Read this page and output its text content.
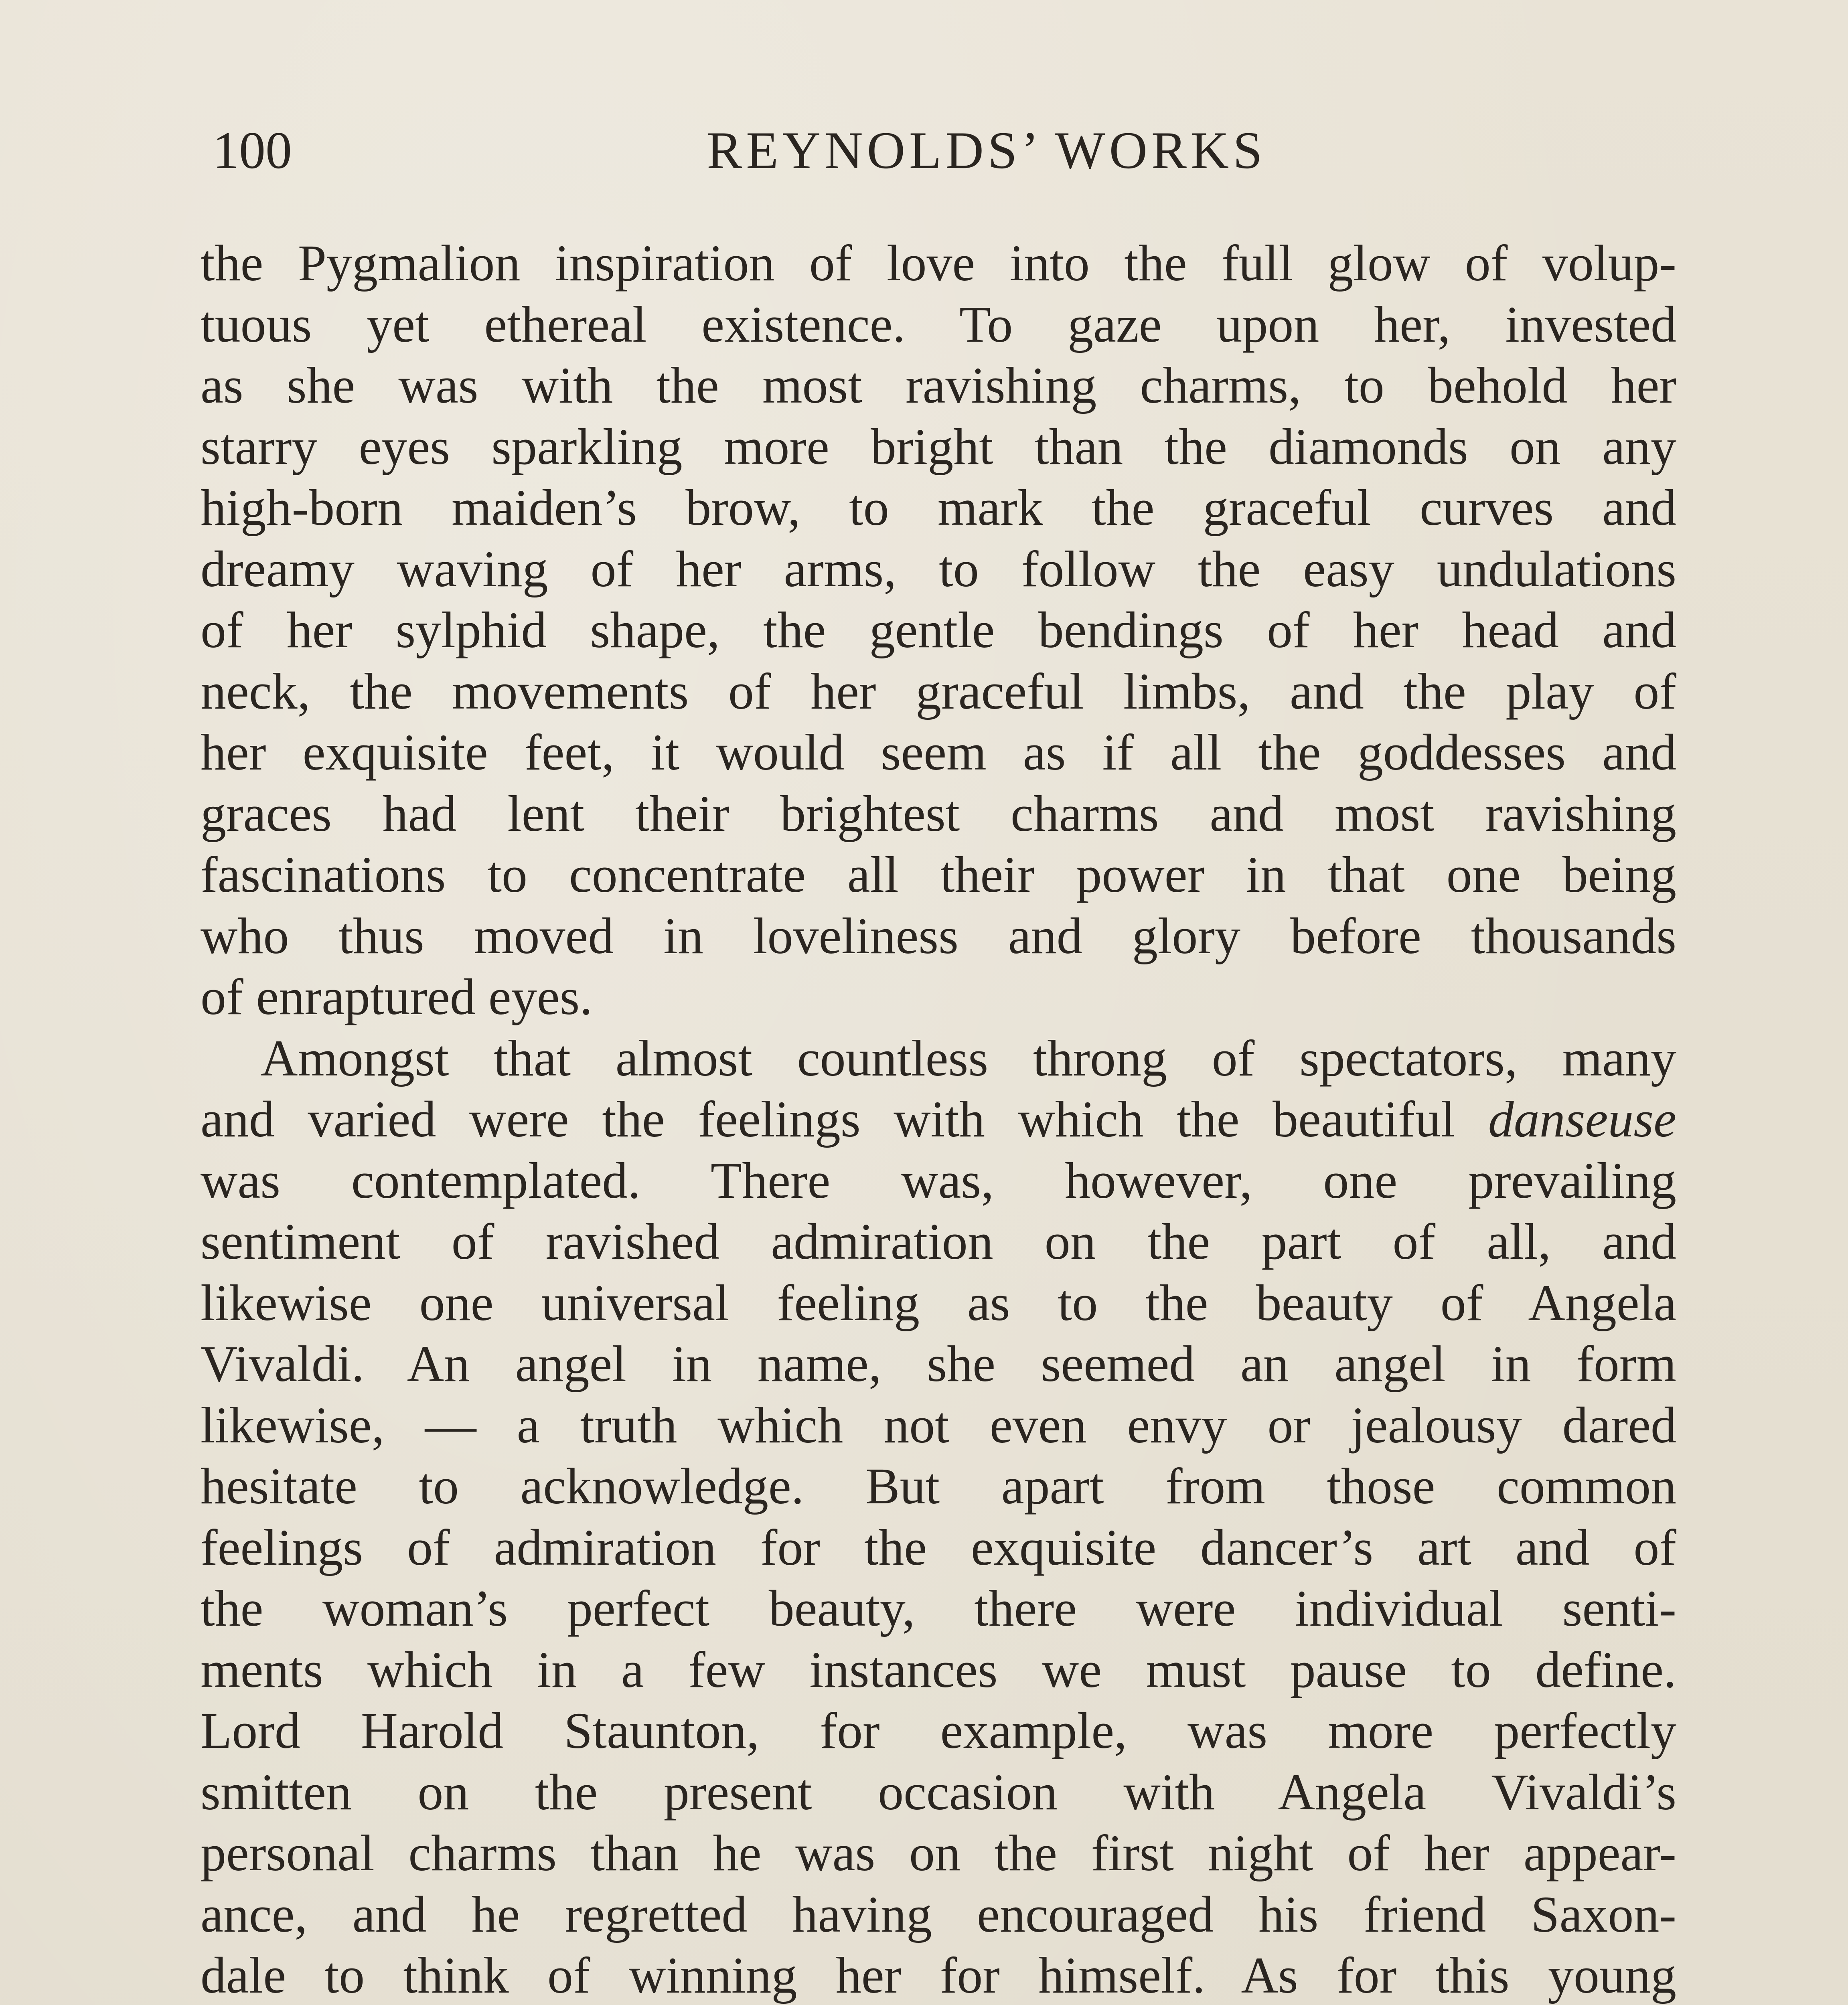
100	REYNOLDS’ WORKS
the Pygmalion inspiration of love into the full glow of volup-
tuous yet ethereal existence. To gaze upon her, invested
as she was with the most ravishing charms, to behold her
starry eyes sparkling more bright than the diamonds on any
high-born maiden’s brow, to mark the graceful curves and
dreamy waving of her arms, to follow the easy undulations
of her sylphid shape, the gentle bendings of her head and
neck, the movements of her graceful limbs, and the play of
her exquisite feet, it would seem as if all the goddesses and
graces had lent their brightest charms and most ravishing
fascinations to concentrate all their power in that one being
who thus moved in loveliness and glory before thousands
of enraptured eyes.
Amongst that almost countless throng of spectators, many
and varied were the feelings with which the beautiful danseuse
was contemplated. There was, however, one prevailing
sentiment of ravished admiration on the part of all, and
likewise one universal feeling as to the beauty of Angela
Vivaldi. An angel in name, she seemed an angel in form
likewise, — a truth which not even envy or jealousy dared
hesitate to acknowledge. But apart from those common
feelings of admiration for the exquisite dancer’s art and of
the woman’s perfect beauty, there were individual senti-
ments which in a few instances we must pause to define.
Lord Harold Staunton, for example, was more perfectly
smitten on the present occasion with Angela Vivaldi’s
personal charms than he was on the first night of her appear-
ance, and he regretted having encouraged his friend Saxon-
dale to think of winning her for himself. As for this young
